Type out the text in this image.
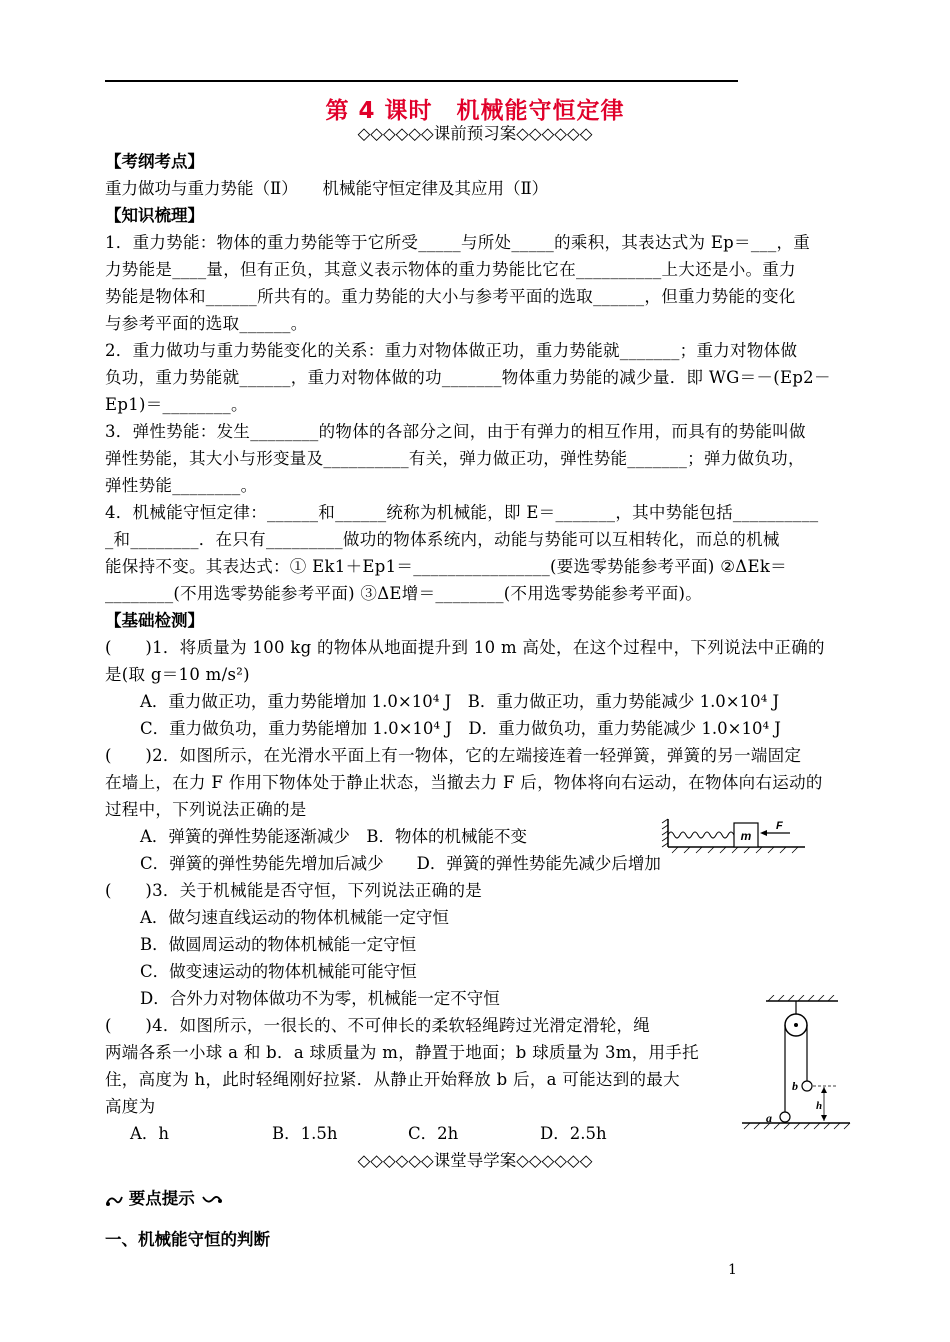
第 4 课时　机械能守恒定律
◇◇◇◇◇◇课前预习案◇◇◇◇◇◇
【考纲考点】
重力做功与重力势能（Ⅱ）　　机械能守恒定律及其应用（Ⅱ）
【知识梳理】
1．重力势能：物体的重力势能等于它所受_____与所处_____的乘积，其表达式为 Ep＝___，重
力势能是____量，但有正负，其意义表示物体的重力势能比它在__________上大还是小。重力
势能是物体和______所共有的。重力势能的大小与参考平面的选取______，但重力势能的变化
与参考平面的选取______。
2．重力做功与重力势能变化的关系：重力对物体做正功，重力势能就_______；重力对物体做
负功，重力势能就______，重力对物体做的功_______物体重力势能的减少量．即 WG＝－(Ep2－
Ep1)＝________。
3．弹性势能：发生________的物体的各部分之间，由于有弹力的相互作用，而具有的势能叫做
弹性势能，其大小与形变量及__________有关，弹力做正功，弹性势能_______；弹力做负功，
弹性势能________。
4．机械能守恒定律：______和______统称为机械能，即 E＝_______，其中势能包括__________
_和________．在只有_________做功的物体系统内，动能与势能可以互相转化，而总的机械
能保持不变。其表达式：① Ek1＋Ep1＝________________(要选零势能参考平面) ②ΔEk＝
________(不用选零势能参考平面) ③ΔE增＝________(不用选零势能参考平面)。
【基础检测】
(　　)1．将质量为 100 kg 的物体从地面提升到 10 m 高处，在这个过程中，下列说法中正确的
是(取 g＝10 m/s²)
A．重力做正功，重力势能增加 1.0×10⁴ J　B．重力做正功，重力势能减少 1.0×10⁴ J
C．重力做负功，重力势能增加 1.0×10⁴ J　D．重力做负功，重力势能减少 1.0×10⁴ J
(　　)2．如图所示，在光滑水平面上有一物体，它的左端接连着一轻弹簧，弹簧的另一端固定
在墙上，在力 F 作用下物体处于静止状态，当撤去力 F 后，物体将向右运动，在物体向右运动的
过程中，下列说法正确的是
A．弹簧的弹性势能逐渐减少　B．物体的机械能不变
C．弹簧的弹性势能先增加后减少　　D．弹簧的弹性势能先减少后增加
m
F
(　　)3．关于机械能是否守恒，下列说法正确的是
A．做匀速直线运动的物体机械能一定守恒
B．做圆周运动的物体机械能一定守恒
C．做变速运动的物体机械能可能守恒
D．合外力对物体做功不为零，机械能一定不守恒
(　　)4．如图所示，一很长的、不可伸长的柔软轻绳跨过光滑定滑轮，绳
两端各系一小球 a 和 b．a 球质量为 m，静置于地面；b 球质量为 3m，用手托
住，高度为 h，此时轻绳刚好拉紧．从静止开始释放 b 后，a 可能达到的最大
高度为
A．h	B．1.5h	C．2h	D．2.5h
b
a
h
◇◇◇◇◇◇课堂导学案◇◇◇◇◇◇
要点提示
一、机械能守恒的判断
1
